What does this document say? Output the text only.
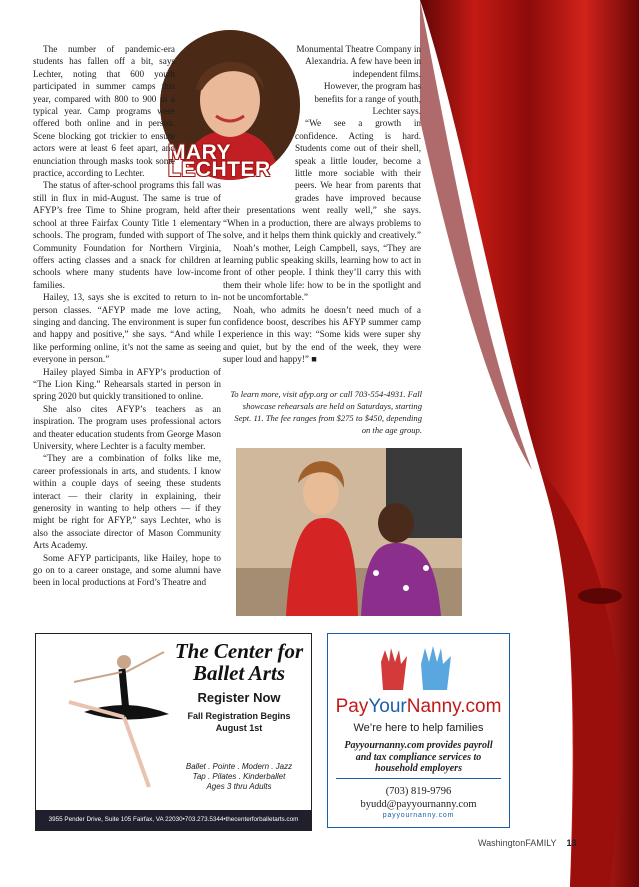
MARY LECHTER

The number of pandemic-era students has fallen off a bit, says Lechter, noting that 600 youth participated in summer camps this year, compared with 800 to 900 in a typical year. Camp programs were offered both online and in person. Scene blocking got trickier to ensure actors were at least 6 feet apart, and enunciation through masks took some practice, according to Lechter.

The status of after-school programs this fall was still in flux in mid-August. The same is true of AFYP’s free Time to Shine program, held after school at three Fairfax County Title 1 elementary schools. The program, funded with support of The Community Foundation for Northern Virginia, offers acting classes and a snack for children at schools where many students have low-income families.

Hailey, 13, says she is excited to return to in-person classes. “AFYP made me love acting, singing and dancing. The environment is super fun and happy and positive,” she says. “And while I like performing online, it’s not the same as seeing everyone in person.”

Hailey played Simba in AFYP’s production of “The Lion King.” Rehearsals started in person in spring 2020 but quickly transitioned to online.

She also cites AFYP’s teachers as an inspiration. The program uses professional actors and theater education students from George Mason University, where Lechter is a faculty member.

“They are a combination of folks like me, career professionals in arts, and students. I know within a couple days of seeing these students interact — their clarity in explaining, their generosity in wanting to help others — if they might be right for AFYP,” says Lechter, who is also the associate director of Mason Community Arts Academy.

Some AFYP participants, like Hailey, hope to go on to a career onstage, and some alumni have been in local productions at Ford’s Theatre and

Monumental Theatre Company in Alexandria. A few have been in independent films.

However, the program has benefits for a range of youth, Lechter says.

“We see a growth in confidence. Acting is hard. Students come out of their shell, speak a little louder, become a little more sociable with their peers. We hear from parents that grades have improved because their presentations went really well,” she says. “When in a production, there are always problems to solve, and it helps them think quickly and creatively.”

Noah’s mother, Leigh Campbell, says, “They are learning public speaking skills, learning how to act in front of other people. I think they’ll carry this with them their whole life: how to be in the spotlight and not be uncomfortable.”

Noah, who admits he doesn’t need much of a confidence boost, describes his AFYP summer camp experience in this way: “Some kids were super shy and quiet, but by the end of the week, they were super loud and happy!” ■

To learn more, visit afyp.org or call 703-554-4931. Fall showcase rehearsals are held on Saturdays, starting Sept. 11. The fee ranges from $275 to $450, depending on the age group.
The Center for Ballet Arts
Register Now
Fall Registration Begins August 1st
Ballet . Pointe . Modern . Jazz
Tap . Pilates . Kinderballet
Ages 3 thru Adults
3955 Pender Drive, Suite 105 Fairfax, VA 22030•703.273.5344•thecenterforballetarts.com
PayYourNanny.com
We’re here to help families
Payyournanny.com provides payroll and tax compliance services to household employers
(703) 819-9796
byudd@payyournanny.com
payyournanny.com
WashingtonFAMILY 13
